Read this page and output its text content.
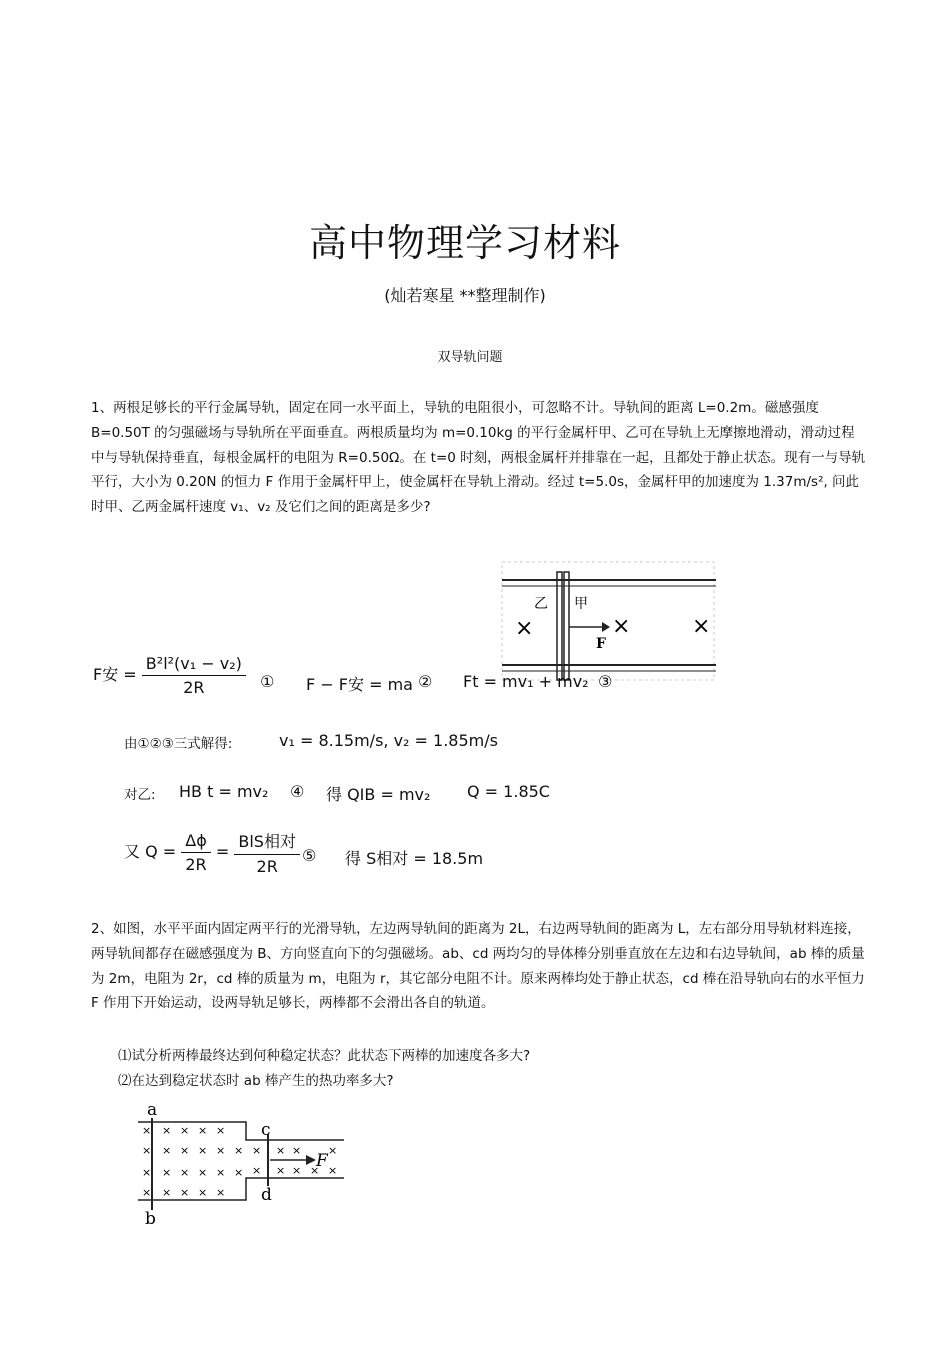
高中物理学习材料
(灿若寒星 **整理制作)
双导轨问题
1、两根足够长的平行金属导轨，固定在同一水平面上，导轨的电阻很小，可忽略不计。导轨间的距离 L=0.2m。磁感强度 B=0.50T 的匀强磁场与导轨所在平面垂直。两根质量均为 m=0.10kg 的平行金属杆甲、乙可在导轨上无摩擦地滑动，滑动过程中与导轨保持垂直，每根金属杆的电阻为 R=0.50Ω。在 t=0 时刻，两根金属杆并排靠在一起，且都处于静止状态。现有一与导轨平行，大小为 0.20N 的恒力 F 作用于金属杆甲上，使金属杆在导轨上滑动。经过 t=5.0s，金属杆甲的加速度为 1.37m/s², 问此时甲、乙两金属杆速度 v₁、v₂ 及它们之间的距离是多少?
乙 甲
F
×	×	×
F安 = $\frac{\text{B²l²(v₁ − v₂)}}{2R}$ ① F − F安 = ma ② Ft = mv₁ + mv₂ ③
由①②③三式解得:	v₁ = 8.15m/s, v₂ = 1.85m/s
对乙: HB t = mv₂ ④ 得 QIB = mv₂ Q = 1.85C
又 $Q = \frac{\Delta\phi}{2R} = \frac{\text{BlS相对}}{2R}$ ⑤ 得 S相对 = 18.5m
2、如图，水平平面内固定两平行的光滑导轨，左边两导轨间的距离为 2L，右边两导轨间的距离为 L，左右部分用导轨材料连接，两导轨间都存在磁感强度为 B、方向竖直向下的匀强磁场。ab、cd 两均匀的导体棒分别垂直放在左边和右边导轨间，ab 棒的质量为 2m，电阻为 2r，cd 棒的质量为 m，电阻为 r，其它部分电阻不计。原来两棒均处于静止状态，cd 棒在沿导轨向右的水平恒力 F 作用下开始运动，设两导轨足够长，两棒都不会滑出各自的轨道。
⑴试分析两棒最终达到何种稳定状态？此状态下两棒的加速度各多大?
⑵在达到稳定状态时 ab 棒产生的热功率多大?
a
b
c
d
F
× × × × ×
× × × × × ×
× × × × × ×
× × × × ×
× × × ×
× × × × ×
